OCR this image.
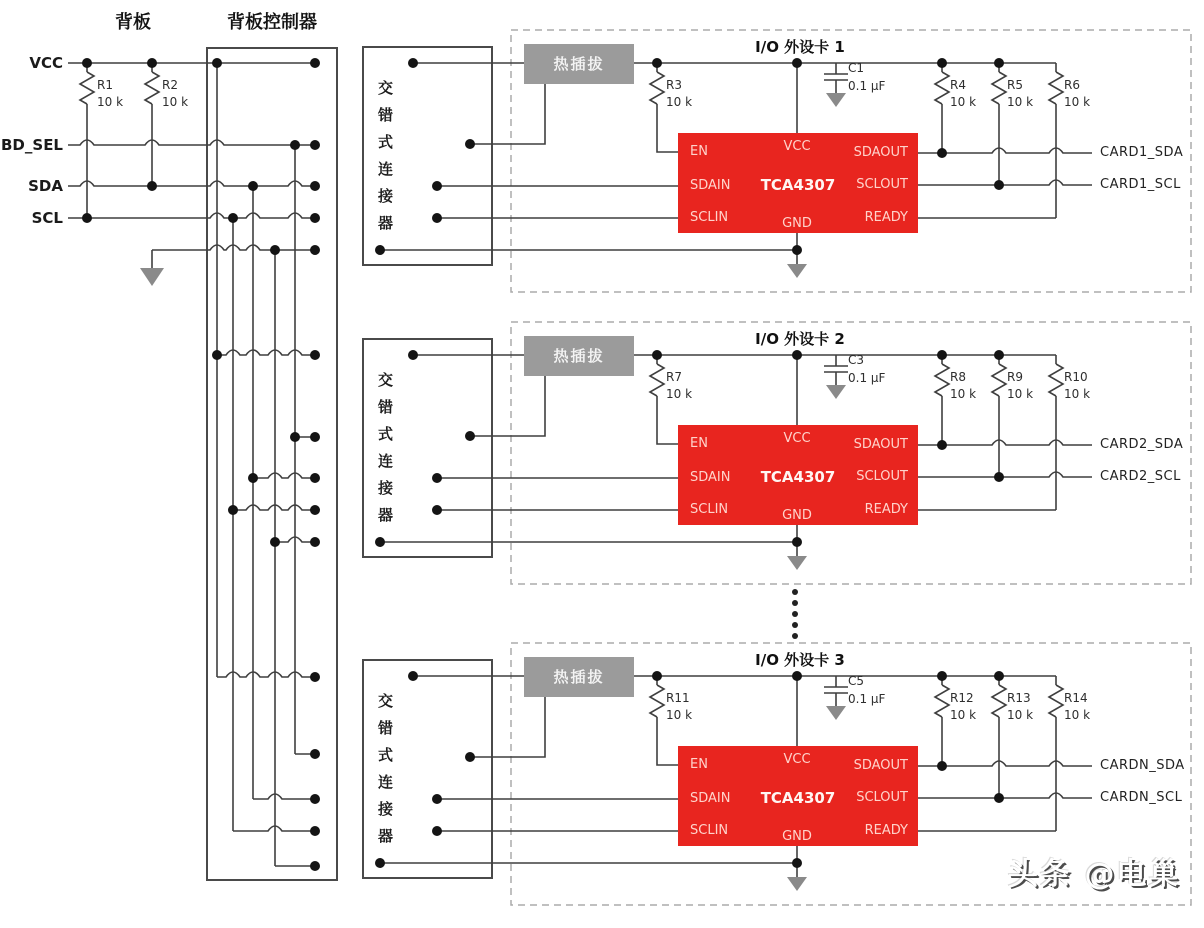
背板	背板控制器
VCC
BD_SEL
SDA
SCL
R1
10 k
R2
10 k	交错式连接器
交错式连接器
交错式连接器
热插拔
热插拔
热插拔
I/O 外设卡 1
I/O 外设卡 2
I/O 外设卡 3
EN
SDAIN
SCLIN
VCC
TCA4307
GND
SDAOUT
SCLOUT
READY
EN
SDAIN
SCLIN
VCC
TCA4307
GND
SDAOUT
SCLOUT
READY
EN
SDAIN
SCLIN
VCC
TCA4307
GND
SDAOUT
SCLOUT
READY
R3
10 k
R4
10 k
R5
10 k
R6
10 k
C1
0.1 µF
CARD1_SDA
CARD1_SCL
R7
10 k
R8
10 k
R9
10 k
R10
10 k
C3
0.1 µF
CARD2_SDA
CARD2_SCL
R11
10 k
R12
10 k
R13
10 k
R14
10 k
C5
0.1 µF
CARDN_SDA
CARDN_SCL
头条 @电巢
